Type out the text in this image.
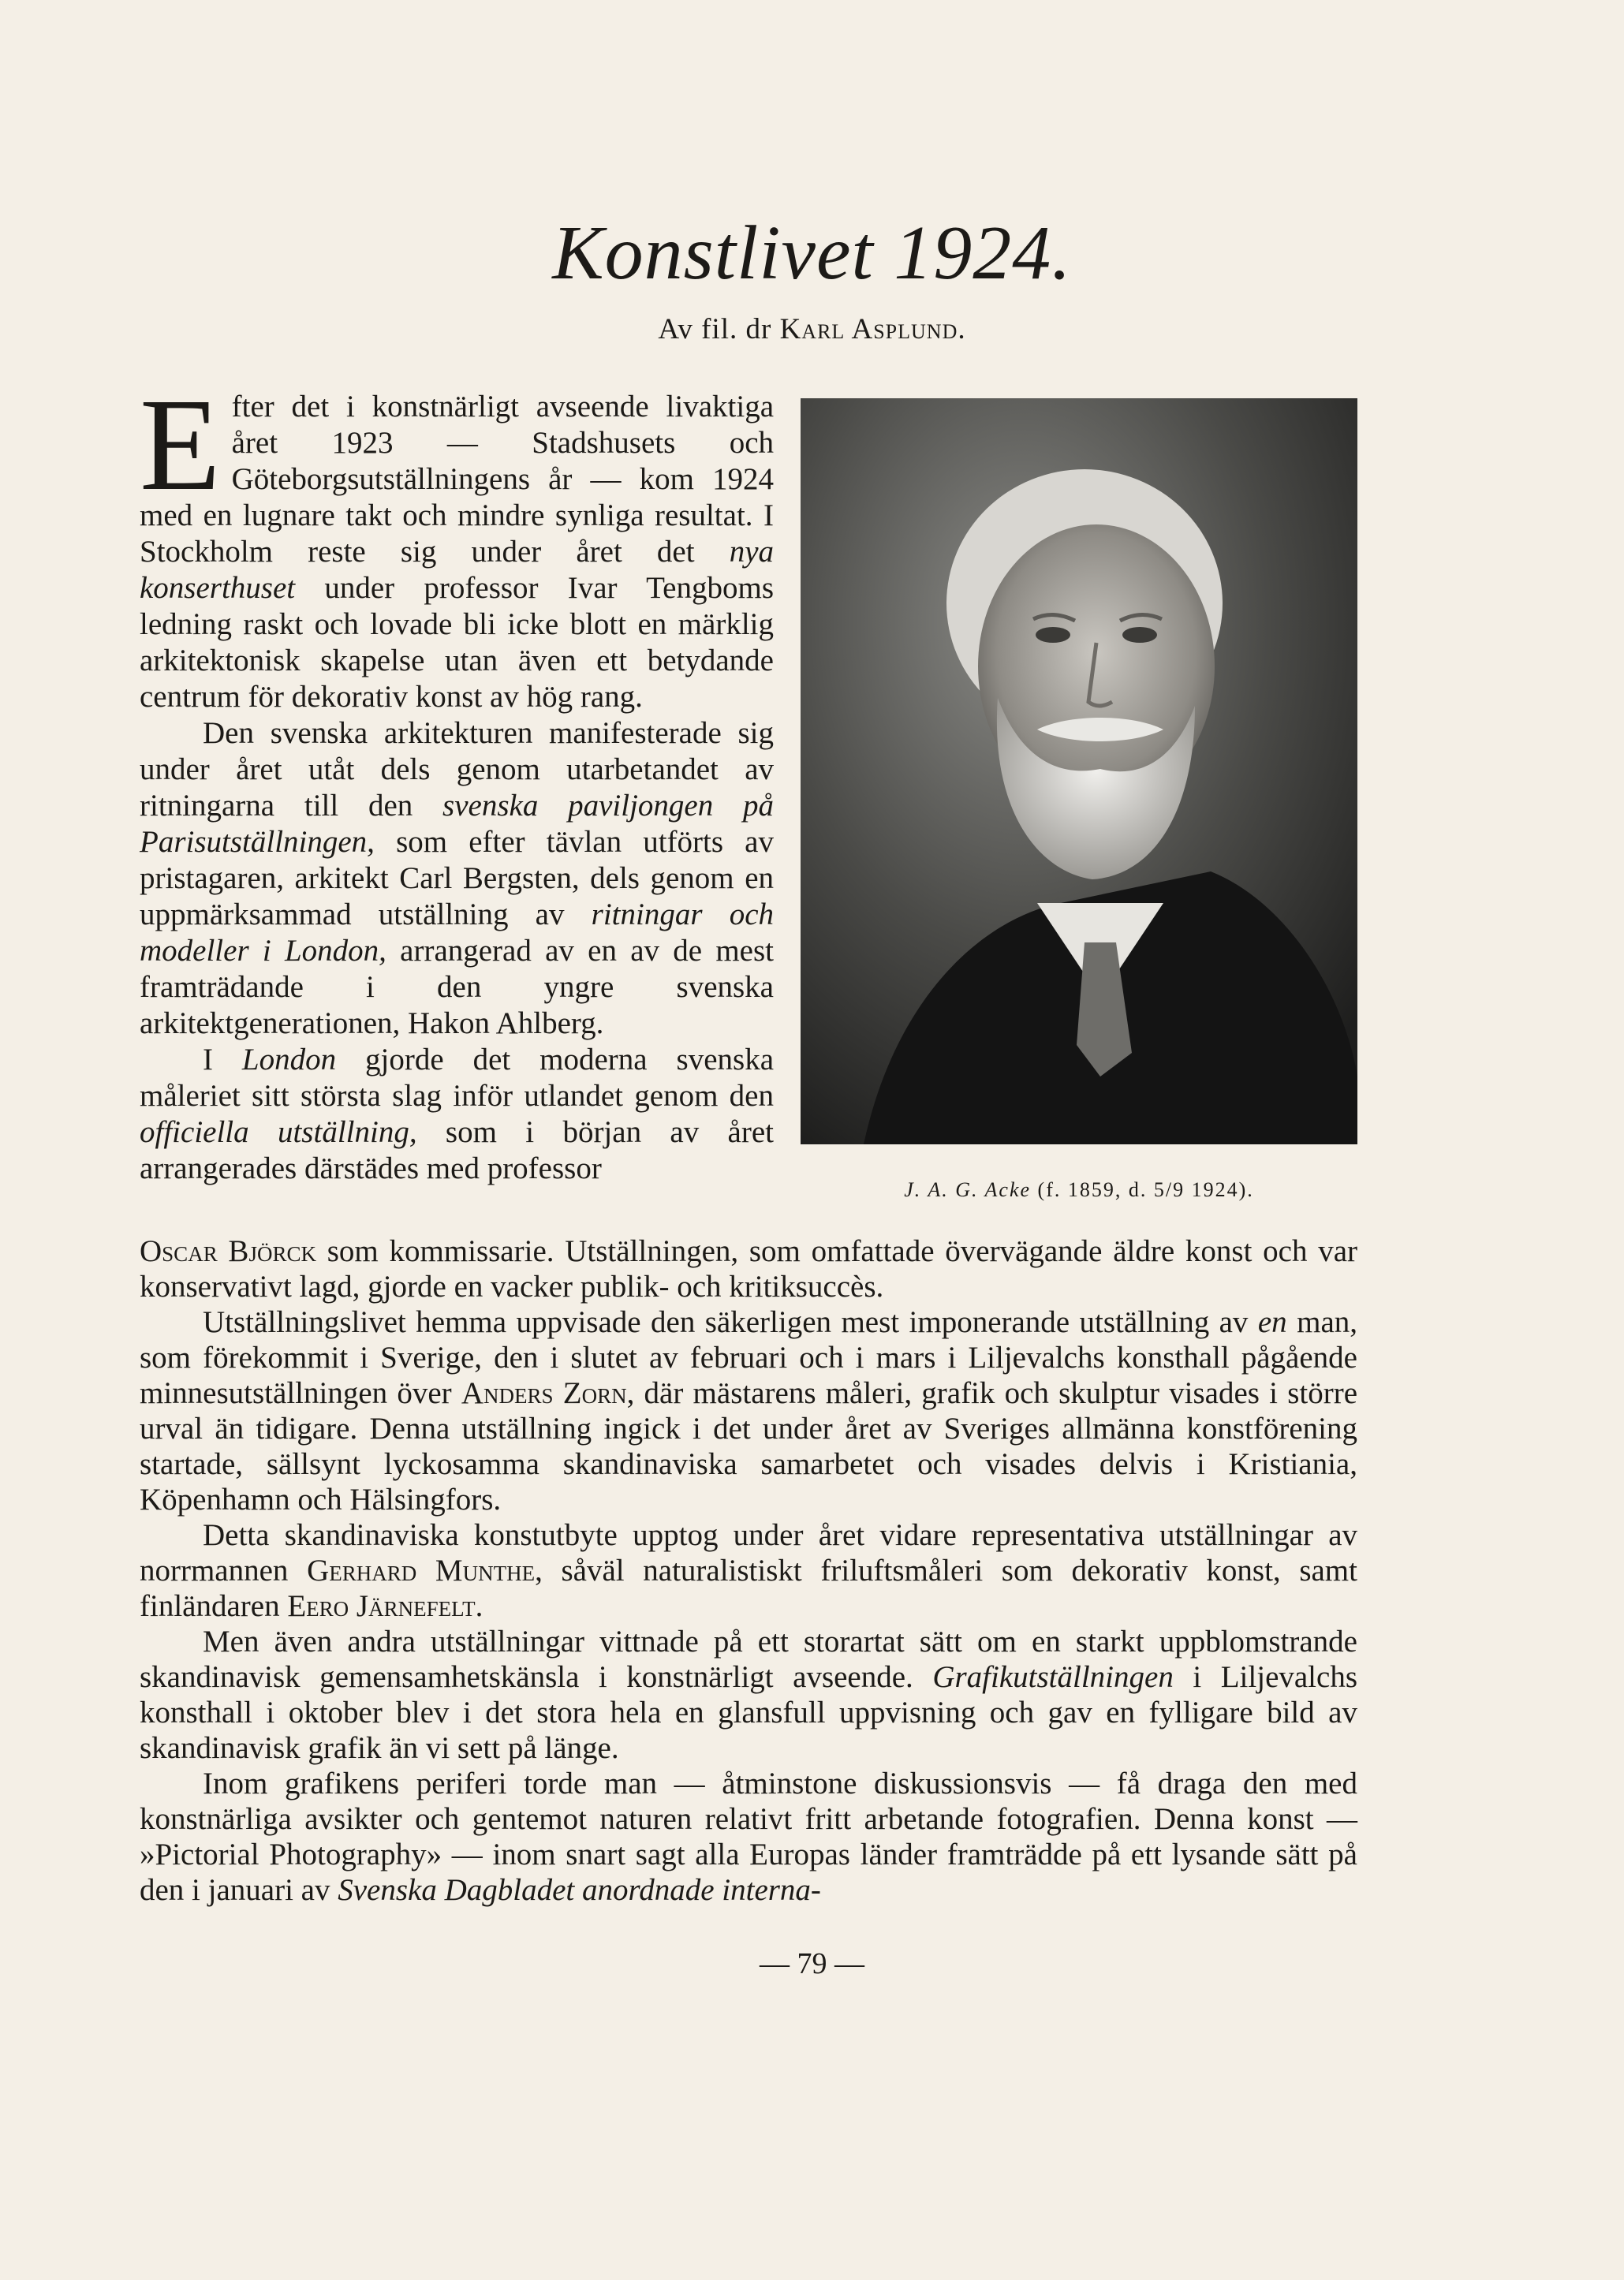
Konstlivet 1924.
Av fil. dr Karl Asplund.
J. A. G. Acke (f. 1859, d. 5/9 1924).

Efter det i konstnärligt avseende livaktiga året 1923 — Stadshusets och Göteborgsutställningens år — kom 1924 med en lugnare takt och mindre synliga resultat. I Stockholm reste sig under året det nya konserthuset under professor Ivar Tengboms ledning raskt och lovade bli icke blott en märklig arkitektonisk skapelse utan även ett betydande centrum för dekorativ konst av hög rang.

Den svenska arkitekturen manifesterade sig under året utåt dels genom utarbetandet av ritningarna till den svenska paviljongen på Parisutställningen, som efter tävlan utförts av pristagaren, arkitekt Carl Bergsten, dels genom en uppmärksammad utställning av ritningar och modeller i London, arrangerad av en av de mest framträdande i den yngre svenska arkitektgenerationen, Hakon Ahlberg.

I London gjorde det moderna svenska måleriet sitt största slag inför utlandet genom den officiella utställning, som i början av året arrangerades därstädes med professor

Oscar Björck som kommissarie. Utställningen, som omfattade övervägande äldre konst och var konservativt lagd, gjorde en vacker publik- och kritiksuccès.

Utställningslivet hemma uppvisade den säkerligen mest imponerande utställning av en man, som förekommit i Sverige, den i slutet av februari och i mars i Liljevalchs konsthall pågående minnesutställningen över Anders Zorn, där mästarens måleri, grafik och skulptur visades i större urval än tidigare. Denna utställning ingick i det under året av Sveriges allmänna konstförening startade, sällsynt lyckosamma skandinaviska samarbetet och visades delvis i Kristiania, Köpenhamn och Hälsingfors.

Detta skandinaviska konstutbyte upptog under året vidare representativa utställningar av norrmannen Gerhard Munthe, såväl naturalistiskt friluftsmåleri som dekorativ konst, samt finländaren Eero Järnefelt.

Men även andra utställningar vittnade på ett storartat sätt om en starkt uppblomstrande skandinavisk gemensamhetskänsla i konstnärligt avseende. Grafikutställningen i Liljevalchs konsthall i oktober blev i det stora hela en glansfull uppvisning och gav en fylligare bild av skandinavisk grafik än vi sett på länge.

Inom grafikens periferi torde man — åtminstone diskussionsvis — få draga den med konstnärliga avsikter och gentemot naturen relativt fritt arbetande fotografien. Denna konst — »Pictorial Photography» — inom snart sagt alla Europas länder framträdde på ett lysande sätt på den i januari av Svenska Dagbladet anordnade interna-

— 79 —
